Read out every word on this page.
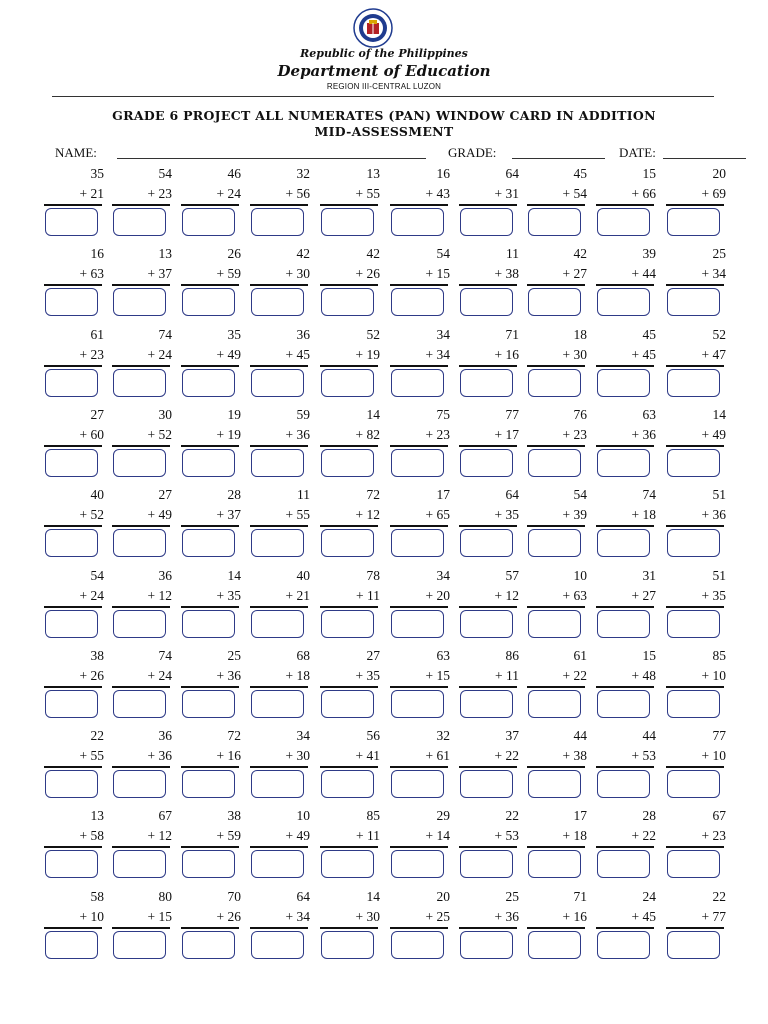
Republic of the Philippines
Department of Education
REGION III-CENTRAL LUZON
GRADE 6 PROJECT ALL NUMERATES (PAN) WINDOW CARD IN ADDITION
MID-ASSESSMENT
NAME:	GRADE:	DATE:
35
+ 21
54
+ 23
46
+ 24
32
+ 56
13
+ 55
16
+ 43
64
+ 31
45
+ 54
15
+ 66
20
+ 69
16
+ 63
13
+ 37
26
+ 59
42
+ 30
42
+ 26
54
+ 15
11
+ 38
42
+ 27
39
+ 44
25
+ 34
61
+ 23
74
+ 24
35
+ 49
36
+ 45
52
+ 19
34
+ 34
71
+ 16
18
+ 30
45
+ 45
52
+ 47
27
+ 60
30
+ 52
19
+ 19
59
+ 36
14
+ 82
75
+ 23
77
+ 17
76
+ 23
63
+ 36
14
+ 49
40
+ 52
27
+ 49
28
+ 37
11
+ 55
72
+ 12
17
+ 65
64
+ 35
54
+ 39
74
+ 18
51
+ 36
54
+ 24
36
+ 12
14
+ 35
40
+ 21
78
+ 11
34
+ 20
57
+ 12
10
+ 63
31
+ 27
51
+ 35
38
+ 26
74
+ 24
25
+ 36
68
+ 18
27
+ 35
63
+ 15
86
+ 11
61
+ 22
15
+ 48
85
+ 10
22
+ 55
36
+ 36
72
+ 16
34
+ 30
56
+ 41
32
+ 61
37
+ 22
44
+ 38
44
+ 53
77
+ 10
13
+ 58
67
+ 12
38
+ 59
10
+ 49
85
+ 11
29
+ 14
22
+ 53
17
+ 18
28
+ 22
67
+ 23
58
+ 10
80
+ 15
70
+ 26
64
+ 34
14
+ 30
20
+ 25
25
+ 36
71
+ 16
24
+ 45
22
+ 77
